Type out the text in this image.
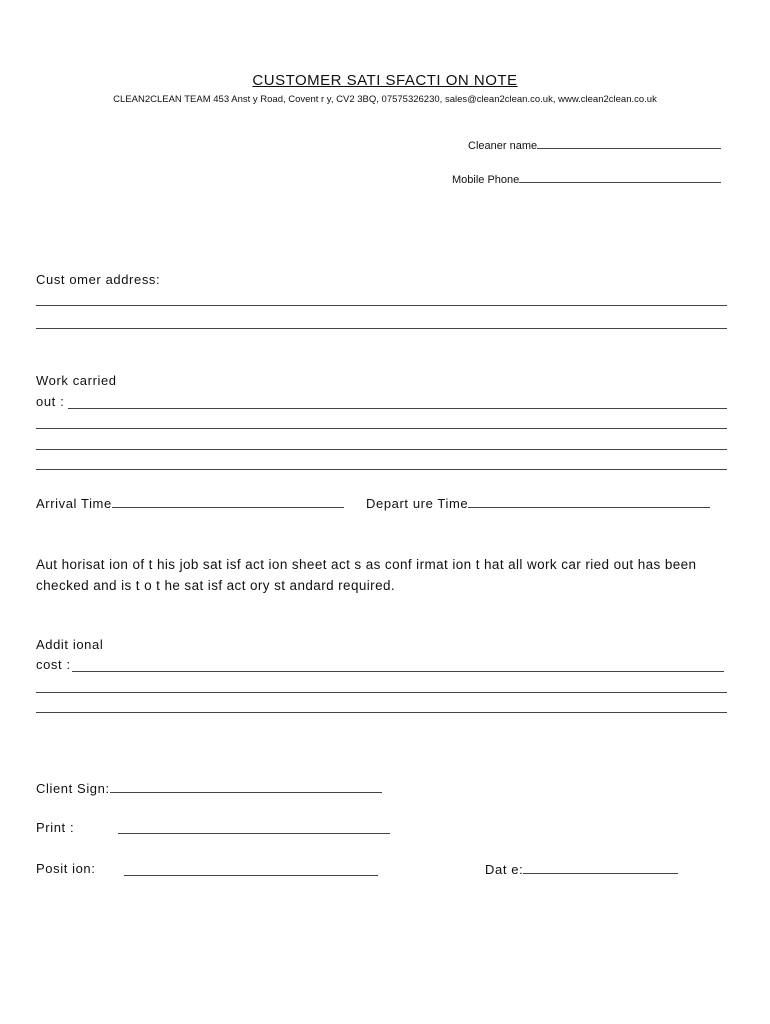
CUSTOMER SATI SFACTI ON NOTE
CLEAN2CLEAN TEAM 453 Anst y Road, Covent r y, CV2 3BQ, 07575326230, sales@clean2clean.co.uk, www.clean2clean.co.uk
Cleaner name
Mobile Phone
Cust omer address:
Work carried
out :
Arrival Time	Depart ure Time
Aut horisat ion of t his job sat isf act ion sheet act s as conf irmat ion t hat all work car ried out has been checked and is t o t he sat isf act ory st andard required.
Addit ional
cost :
Client Sign:
Print :
Posit ion:	Dat e:
